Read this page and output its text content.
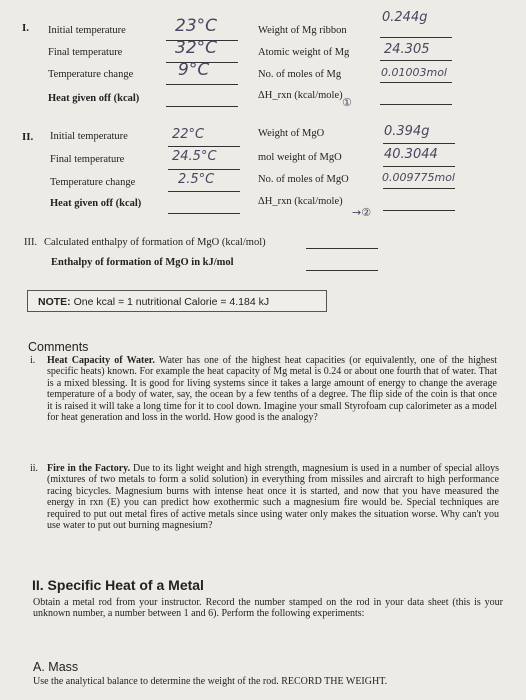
I. Initial temperature
Final temperature
Temperature change
Heat given off (kcal)
23°C
32°C
9°C
Weight of Mg ribbon
Atomic weight of Mg
No. of moles of Mg
ΔH_rxn (kcal/mole)
①
0.244g
24.305
0.01003mol
II. Initial temperature
Final temperature
Temperature change
Heat given off (kcal)
22°C
24.5°C
2.5°C
Weight of MgO
mol weight of MgO
No. of moles of MgO
ΔH_rxn (kcal/mole)
→②
0.394g
40.3044
0.009775mol
III. Calculated enthalpy of formation of MgO (kcal/mol)
Enthalpy of formation of MgO in kJ/mol
NOTE: One kcal = 1 nutritional Calorie = 4.184 kJ
Comments
i. Heat Capacity of Water. Water has one of the highest heat capacities (or equivalently, one of the highest specific heats) known. For example the heat capacity of Mg metal is 0.24 or about one fourth that of water. That is a mixed blessing. It is good for living systems since it takes a large amount of energy to change the average temperature of a body of water, say, the ocean by a few tenths of a degree. The flip side of the coin is that once it is raised it will take a long time for it to cool down. Imagine your small Styrofoam cup calorimeter as a model for heat generation and loss in the world. How good is the analogy?
ii. Fire in the Factory. Due to its light weight and high strength, magnesium is used in a number of special alloys (mixtures of two metals to form a solid solution) in everything from missiles and aircraft to high performance racing bicycles. Magnesium burns with intense heat once it is started, and now that you have measured the energy in rxn (E) you can predict how exothermic such a magnesium fire would be. Special techniques are required to put out metal fires of active metals since using water only makes the situation worse. Why can't you use water to put out burning magnesium?
II. Specific Heat of a Metal
Obtain a metal rod from your instructor. Record the number stamped on the rod in your data sheet (this is your unknown number, a number between 1 and 6). Perform the following experiments:
A. Mass
Use the analytical balance to determine the weight of the rod. RECORD THE WEIGHT.
